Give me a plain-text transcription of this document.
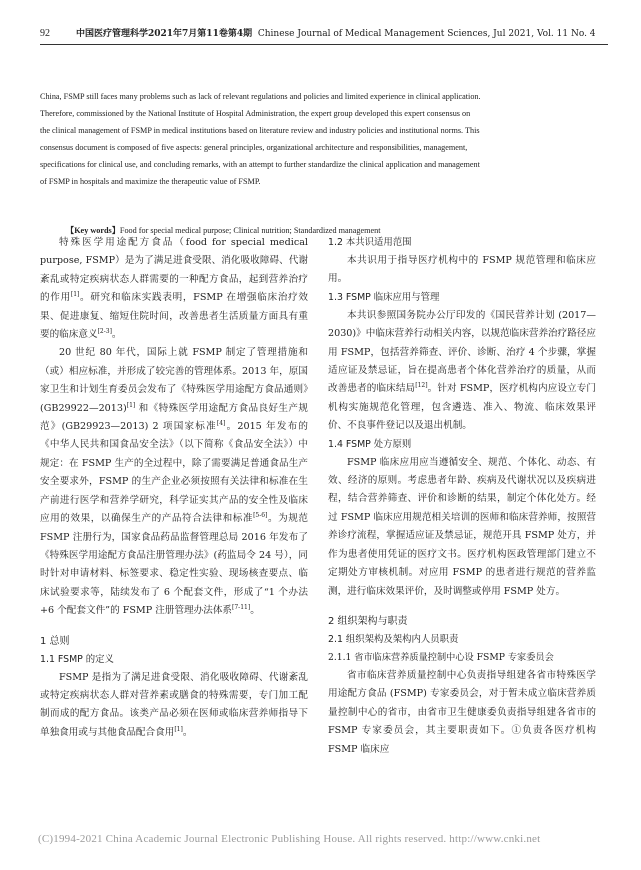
92	中国医疗管理科学2021年7月第11卷第4期 Chinese Journal of Medical Management Sciences, Jul 2021, Vol. 11 No. 4

China, FSMP still faces many problems such as lack of relevant regulations and policies and limited experience in clinical application.

Therefore, commissioned by the National Institute of Hospital Administration, the expert group developed this expert consensus on

the clinical management of FSMP in medical institutions based on literature review and industry policies and institutional norms. This

consensus document is composed of five aspects: general principles, organizational architecture and responsibilities, management,

specifications for clinical use, and concluding remarks, with an attempt to further standardize the clinical application and management

of FSMP in hospitals and maximize the therapeutic value of FSMP.

【Key words】Food for special medical purpose; Clinical nutrition; Standardized management

特殊医学用途配方食品（food for special medical purpose, FSMP）是为了满足进食受限、消化吸收障碍、代谢紊乱或特定疾病状态人群需要的一种配方食品，起到营养治疗的作用[1]。研究和临床实践表明，FSMP 在增强临床治疗效果、促进康复、缩短住院时间，改善患者生活质量方面具有重要的临床意义[2-3]。

20 世纪 80 年代，国际上就 FSMP 制定了管理措施和（或）相应标准，并形成了较完善的管理体系。2013 年，原国家卫生和计划生育委员会发布了《特殊医学用途配方食品通则》(GB29922—2013)[1] 和《特殊医学用途配方食品良好生产规范》(GB29923—2013) 2 项国家标准[4]。2015 年发布的《中华人民共和国食品安全法》（以下简称《食品安全法》）中规定：在 FSMP 生产的全过程中，除了需要满足普通食品生产安全要求外，FSMP 的生产企业必须按照有关法律和标准在生产前进行医学和营养学研究，科学证实其产品的安全性及临床应用的效果，以确保生产的产品符合法律和标准[5-6]。为规范 FSMP 注册行为，国家食品药品监督管理总局 2016 年发布了《特殊医学用途配方食品注册管理办法》(药监局令 24 号），同时针对申请材料、标签要求、稳定性实验、现场核查要点、临床试验要求等，陆续发布了 6 个配套文件，形成了“1 个办法 +6 个配套文件”的 FSMP 注册管理办法体系[7-11]。

1 总则

1.1 FSMP 的定义

FSMP 是指为了满足进食受限、消化吸收障碍、代谢紊乱或特定疾病状态人群对营养素或膳食的特殊需要，专门加工配制而成的配方食品。该类产品必须在医师或临床营养师指导下单独食用或与其他食品配合食用[1]。

1.2 本共识适用范围

本共识用于指导医疗机构中的 FSMP 规范管理和临床应用。

1.3 FSMP 临床应用与管理

本共识参照国务院办公厅印发的《国民营养计划 (2017—2030)》中临床营养行动相关内容，以规范临床营养治疗路径应用 FSMP，包括营养筛查、评价、诊断、治疗 4 个步骤，掌握适应证及禁忌证，旨在提高患者个体化营养治疗的质量，从而改善患者的临床结局[12]。针对 FSMP，医疗机构内应设立专门机构实施规范化管理，包含遴选、准入、物流、临床效果评价、不良事件登记以及退出机制。

1.4 FSMP 处方原则

FSMP 临床应用应当遵循安全、规范、个体化、动态、有效、经济的原则。考虑患者年龄、疾病及代谢状况以及疾病进程，结合营养筛查、评价和诊断的结果，制定个体化处方。经过 FSMP 临床应用规范相关培训的医师和临床营养师，按照营养诊疗流程，掌握适应证及禁忌证，规范开具 FSMP 处方，并作为患者使用凭证的医疗文书。医疗机构医政管理部门建立不定期处方审核机制。对应用 FSMP 的患者进行规范的营养监测，进行临床效果评价，及时调整或停用 FSMP 处方。

2 组织架构与职责

2.1 组织架构及架构内人员职责

2.1.1 省市临床营养质量控制中心设 FSMP 专家委员会

省市临床营养质量控制中心负责指导组建各省市特殊医学用途配方食品 (FSMP) 专家委员会，对于暂未成立临床营养质量控制中心的省市，由省市卫生健康委负责指导组建各省市的 FSMP 专家委员会，其主要职责如下。①负责各医疗机构 FSMP 临床应

(C)1994-2021 China Academic Journal Electronic Publishing House. All rights reserved. http://www.cnki.net
